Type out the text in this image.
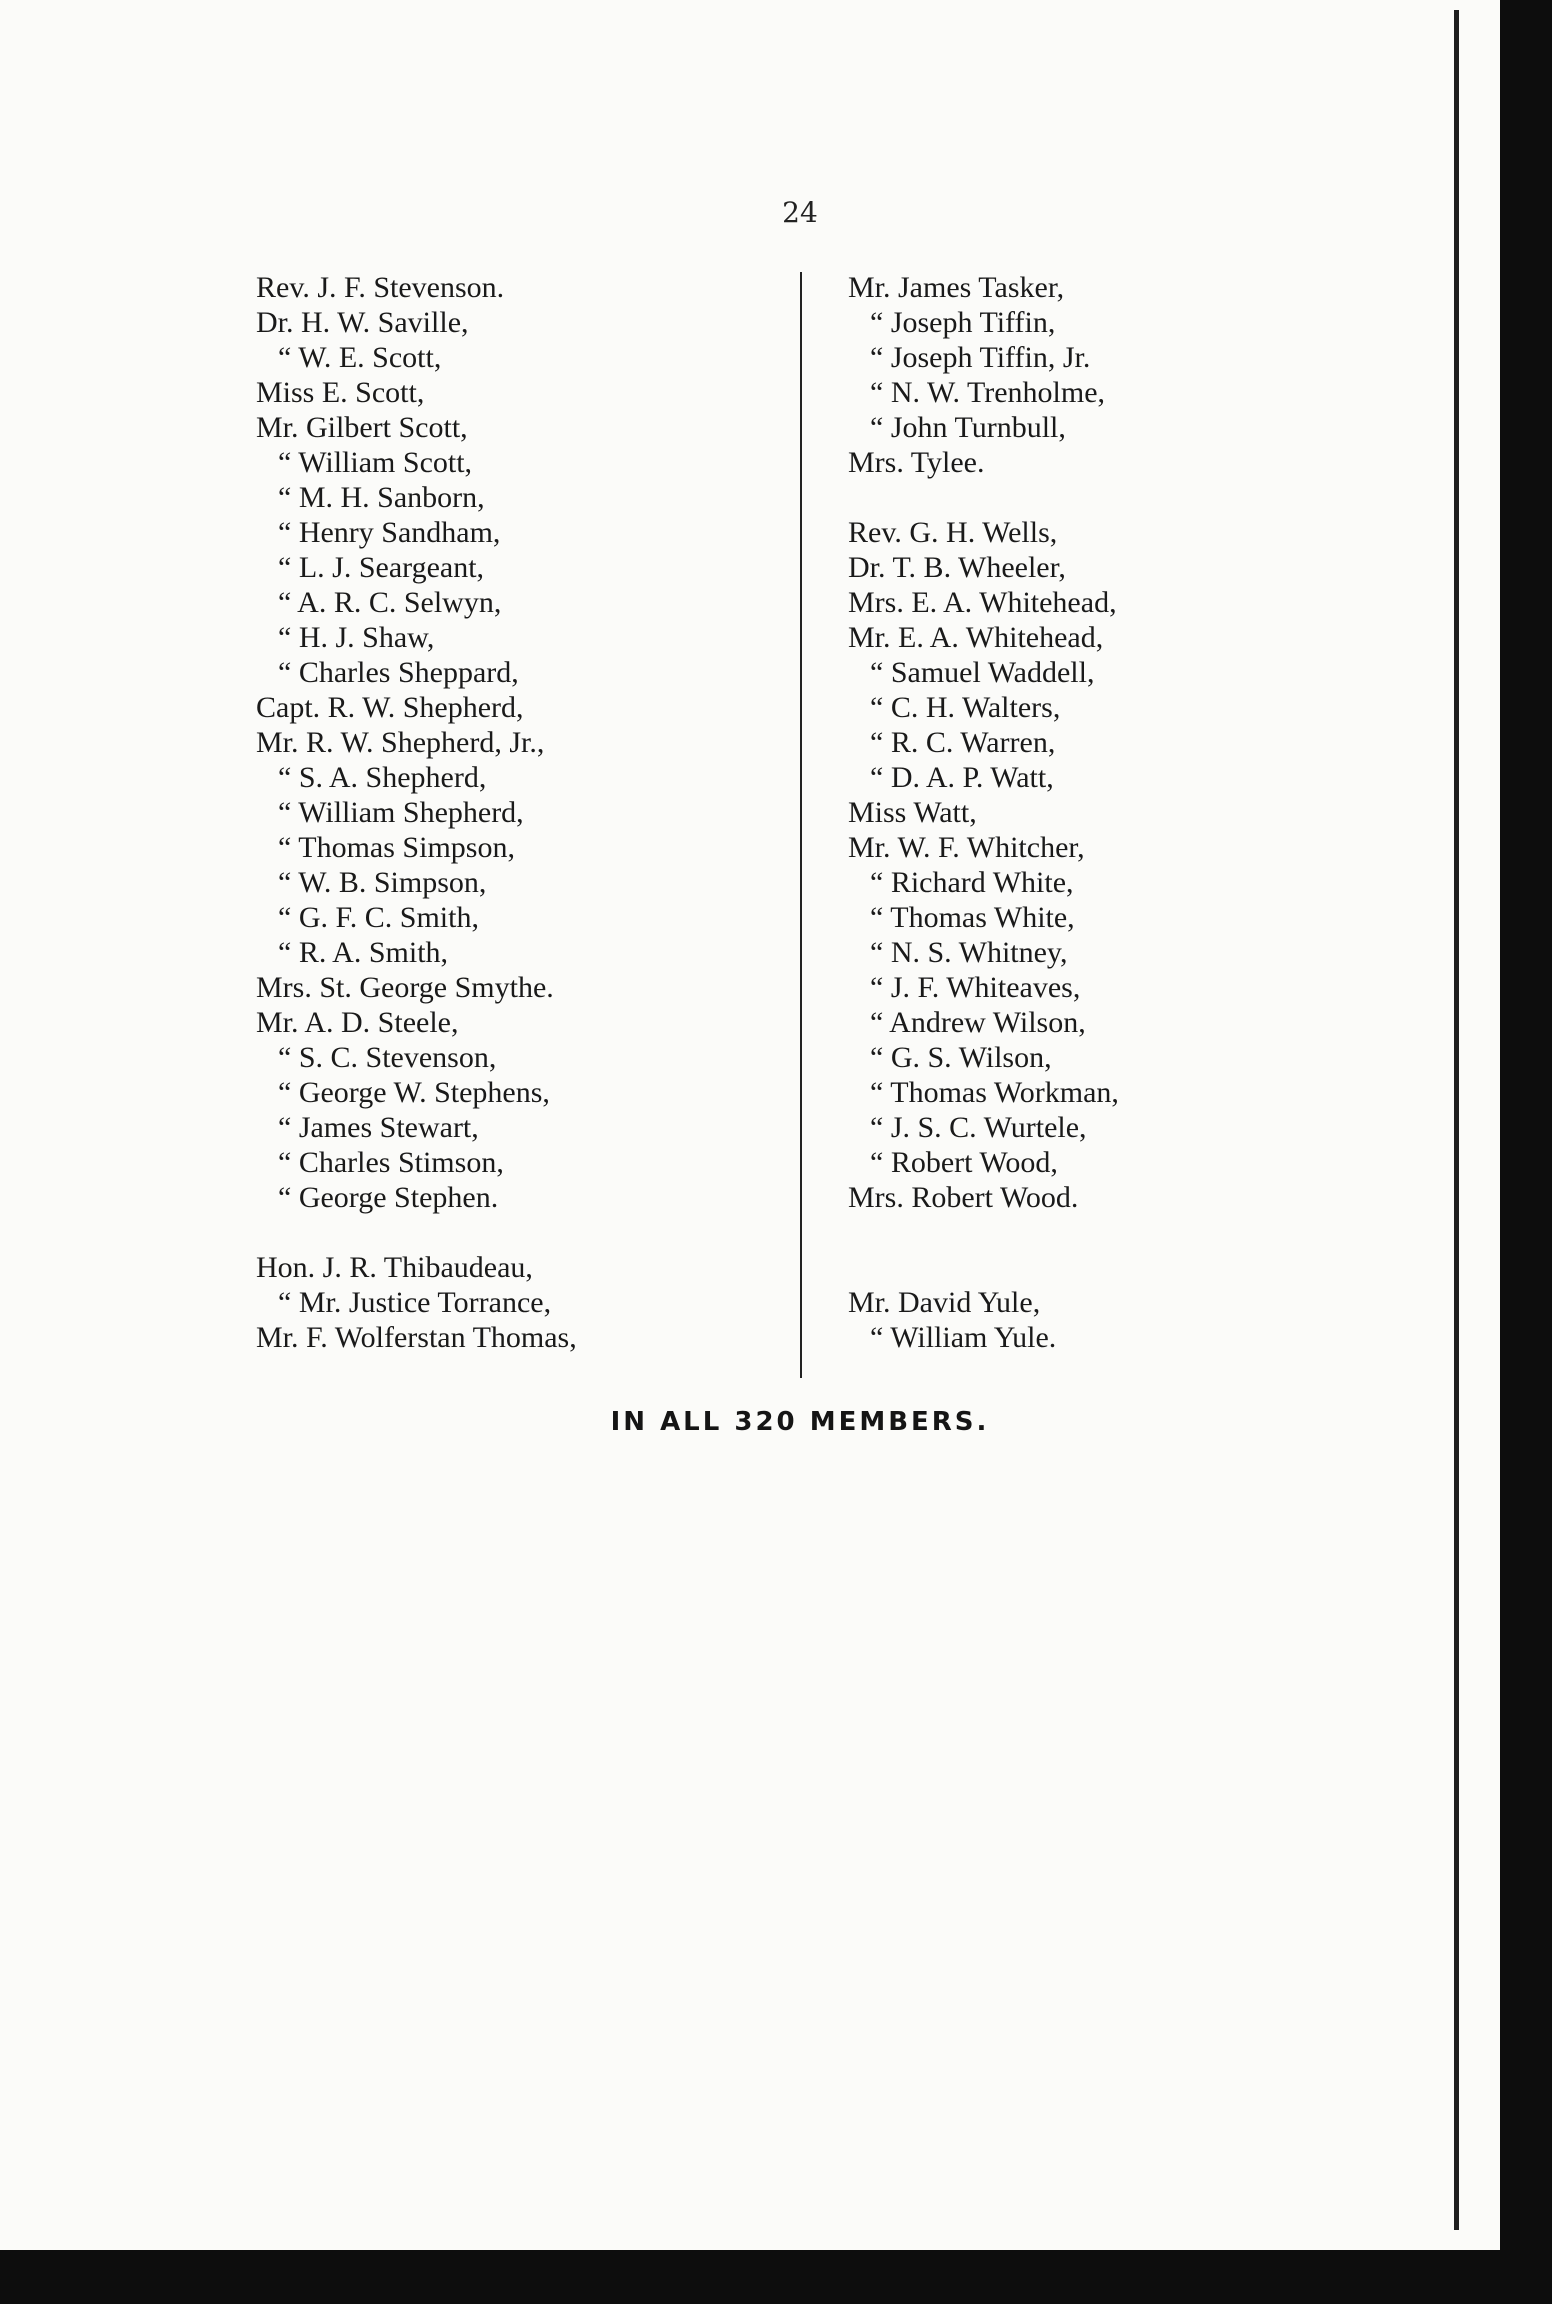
24
Rev. J. F. Stevenson.
Dr. H. W. Saville,
“ W. E. Scott,
Miss E. Scott,
Mr. Gilbert Scott,
“ William Scott,
“ M. H. Sanborn,
“ Henry Sandham,
“ L. J. Seargeant,
“ A. R. C. Selwyn,
“ H. J. Shaw,
“ Charles Sheppard,
Capt. R. W. Shepherd,
Mr. R. W. Shepherd, Jr.,
“ S. A. Shepherd,
“ William Shepherd,
“ Thomas Simpson,
“ W. B. Simpson,
“ G. F. C. Smith,
“ R. A. Smith,
Mrs. St. George Smythe.
Mr. A. D. Steele,
“ S. C. Stevenson,
“ George W. Stephens,
“ James Stewart,
“ Charles Stimson,
“ George Stephen.
Hon. J. R. Thibaudeau,
“ Mr. Justice Torrance,
Mr. F. Wolferstan Thomas,
Mr. James Tasker,
“ Joseph Tiffin,
“ Joseph Tiffin, Jr.
“ N. W. Trenholme,
“ John Turnbull,
Mrs. Tylee.
Rev. G. H. Wells,
Dr. T. B. Wheeler,
Mrs. E. A. Whitehead,
Mr. E. A. Whitehead,
“ Samuel Waddell,
“ C. H. Walters,
“ R. C. Warren,
“ D. A. P. Watt,
Miss Watt,
Mr. W. F. Whitcher,
“ Richard White,
“ Thomas White,
“ N. S. Whitney,
“ J. F. Whiteaves,
“ Andrew Wilson,
“ G. S. Wilson,
“ Thomas Workman,
“ J. S. C. Wurtele,
“ Robert Wood,
Mrs. Robert Wood.
Mr. David Yule,
“ William Yule.
IN ALL 320 MEMBERS.
